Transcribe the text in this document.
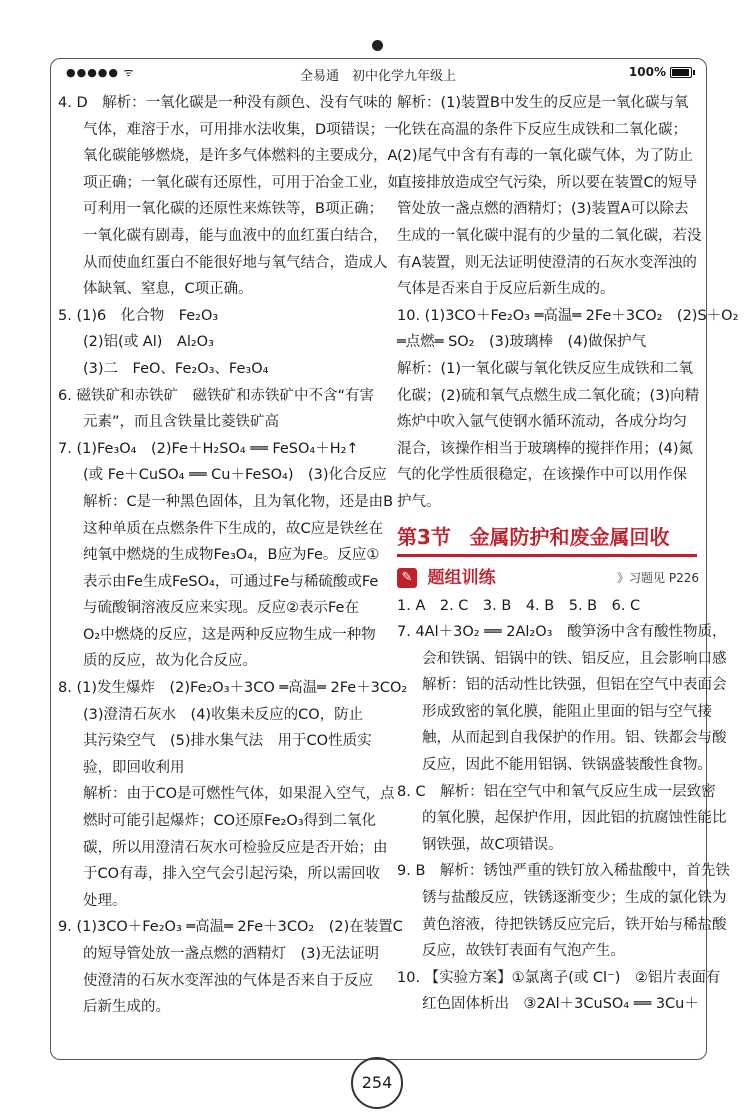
●●●●● ᯤ	全易通　初中化学九年级上	100%
4. D　解析：一氧化碳是一种没有颜色、没有气味的
气体，难溶于水，可用排水法收集，D项错误；一
氧化碳能够燃烧，是许多气体燃料的主要成分，A
项正确；一氧化碳有还原性，可用于冶金工业，如
可利用一氧化碳的还原性来炼铁等，B项正确；
一氧化碳有剧毒，能与血液中的血红蛋白结合，
从而使血红蛋白不能很好地与氧气结合，造成人
体缺氧、窒息，C项正确。
5. (1)6　化合物　Fe₂O₃
(2)铝(或 Al)　Al₂O₃
(3)二　FeO、Fe₂O₃、Fe₃O₄
6. 磁铁矿和赤铁矿　磁铁矿和赤铁矿中不含“有害
元素”，而且含铁量比菱铁矿高
7. (1)Fe₃O₄　(2)Fe＋H₂SO₄ ══ FeSO₄＋H₂↑
(或 Fe＋CuSO₄ ══ Cu＋FeSO₄)　(3)化合反应
解析：C是一种黑色固体，且为氧化物，还是由B
这种单质在点燃条件下生成的，故C应是铁丝在
纯氧中燃烧的生成物Fe₃O₄，B应为Fe。反应①
表示由Fe生成FeSO₄，可通过Fe与稀硫酸或Fe
与硫酸铜溶液反应来实现。反应②表示Fe在
O₂中燃烧的反应，这是两种反应物生成一种物
质的反应，故为化合反应。
8. (1)发生爆炸　(2)Fe₂O₃＋3CO ═高温═ 2Fe＋3CO₂
(3)澄清石灰水　(4)收集未反应的CO，防止
其污染空气　(5)排水集气法　用于CO性质实
验，即回收利用
解析：由于CO是可燃性气体，如果混入空气，点
燃时可能引起爆炸；CO还原Fe₂O₃得到二氧化
碳，所以用澄清石灰水可检验反应是否开始；由
于CO有毒，排入空气会引起污染，所以需回收
处理。
9. (1)3CO＋Fe₂O₃ ═高温═ 2Fe＋3CO₂　(2)在装置C
的短导管处放一盏点燃的酒精灯　(3)无法证明
使澄清的石灰水变浑浊的气体是否来自于反应
后新生成的。
解析：(1)装置B中发生的反应是一氧化碳与氧
化铁在高温的条件下反应生成铁和二氧化碳；
(2)尾气中含有有毒的一氧化碳气体，为了防止
直接排放造成空气污染，所以要在装置C的短导
管处放一盏点燃的酒精灯；(3)装置A可以除去
生成的一氧化碳中混有的少量的二氧化碳，若没
有A装置，则无法证明使澄清的石灰水变浑浊的
气体是否来自于反应后新生成的。
10. (1)3CO＋Fe₂O₃ ═高温═ 2Fe＋3CO₂　(2)S＋O₂
═点燃═ SO₂　(3)玻璃棒　(4)做保护气
解析：(1)一氧化碳与氧化铁反应生成铁和二氧
化碳；(2)硫和氧气点燃生成二氧化硫；(3)向精
炼炉中吹入氩气使钢水循环流动，各成分均匀
混合，该操作相当于玻璃棒的搅拌作用；(4)氮
气的化学性质很稳定，在该操作中可以用作保
护气。
第3节 金属防护和废金属回收
✎ 题组训练	》习题见 P226
1. A　2. C　3. B　4. B　5. B　6. C
7. 4Al＋3O₂ ══ 2Al₂O₃　酸笋汤中含有酸性物质，
会和铁锅、铝锅中的铁、铝反应，且会影响口感
解析：铝的活动性比铁强，但铝在空气中表面会
形成致密的氧化膜，能阻止里面的铝与空气接
触，从而起到自我保护的作用。铝、铁都会与酸
反应，因此不能用铝锅、铁锅盛装酸性食物。
8. C　解析：铝在空气中和氧气反应生成一层致密
的氧化膜，起保护作用，因此铝的抗腐蚀性能比
钢铁强，故C项错误。
9. B　解析：锈蚀严重的铁钉放入稀盐酸中，首先铁
锈与盐酸反应，铁锈逐渐变少；生成的氯化铁为
黄色溶液，待把铁锈反应完后，铁开始与稀盐酸
反应，故铁钉表面有气泡产生。
10. 【实验方案】①氯离子(或 Cl⁻)　②铝片表面有
红色固体析出　③2Al＋3CuSO₄ ══ 3Cu＋
254
